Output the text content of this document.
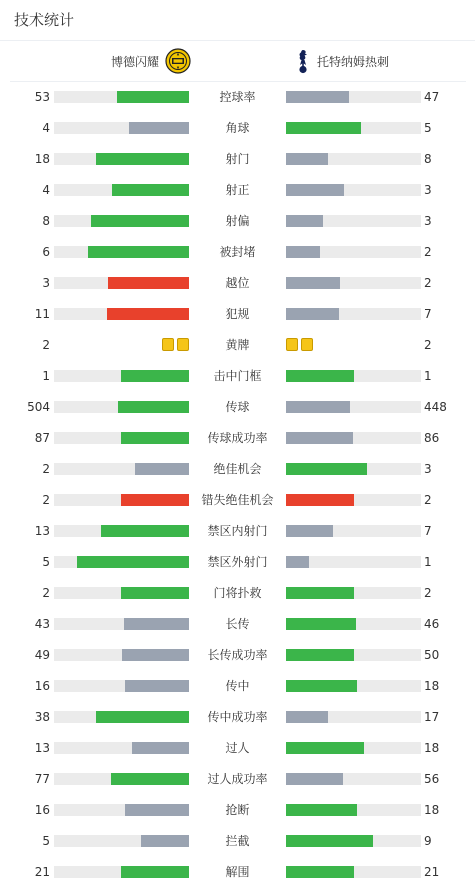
技术统计
博德闪耀	托特纳姆热刺
53	控球率	47
4	角球	5
18	射门	8
4	射正	3
8	射偏	3
6	被封堵	2
3	越位	2
11	犯规	7
2	黄牌	2
1	击中门框	1
504	传球	448
87	传球成功率	86
2	绝佳机会	3
2	错失绝佳机会	2
13	禁区内射门	7
5	禁区外射门	1
2	门将扑救	2
43	长传	46
49	长传成功率	50
16	传中	18
38	传中成功率	17
13	过人	18
77	过人成功率	56
16	抢断	18
5	拦截	9
21	解围	21
